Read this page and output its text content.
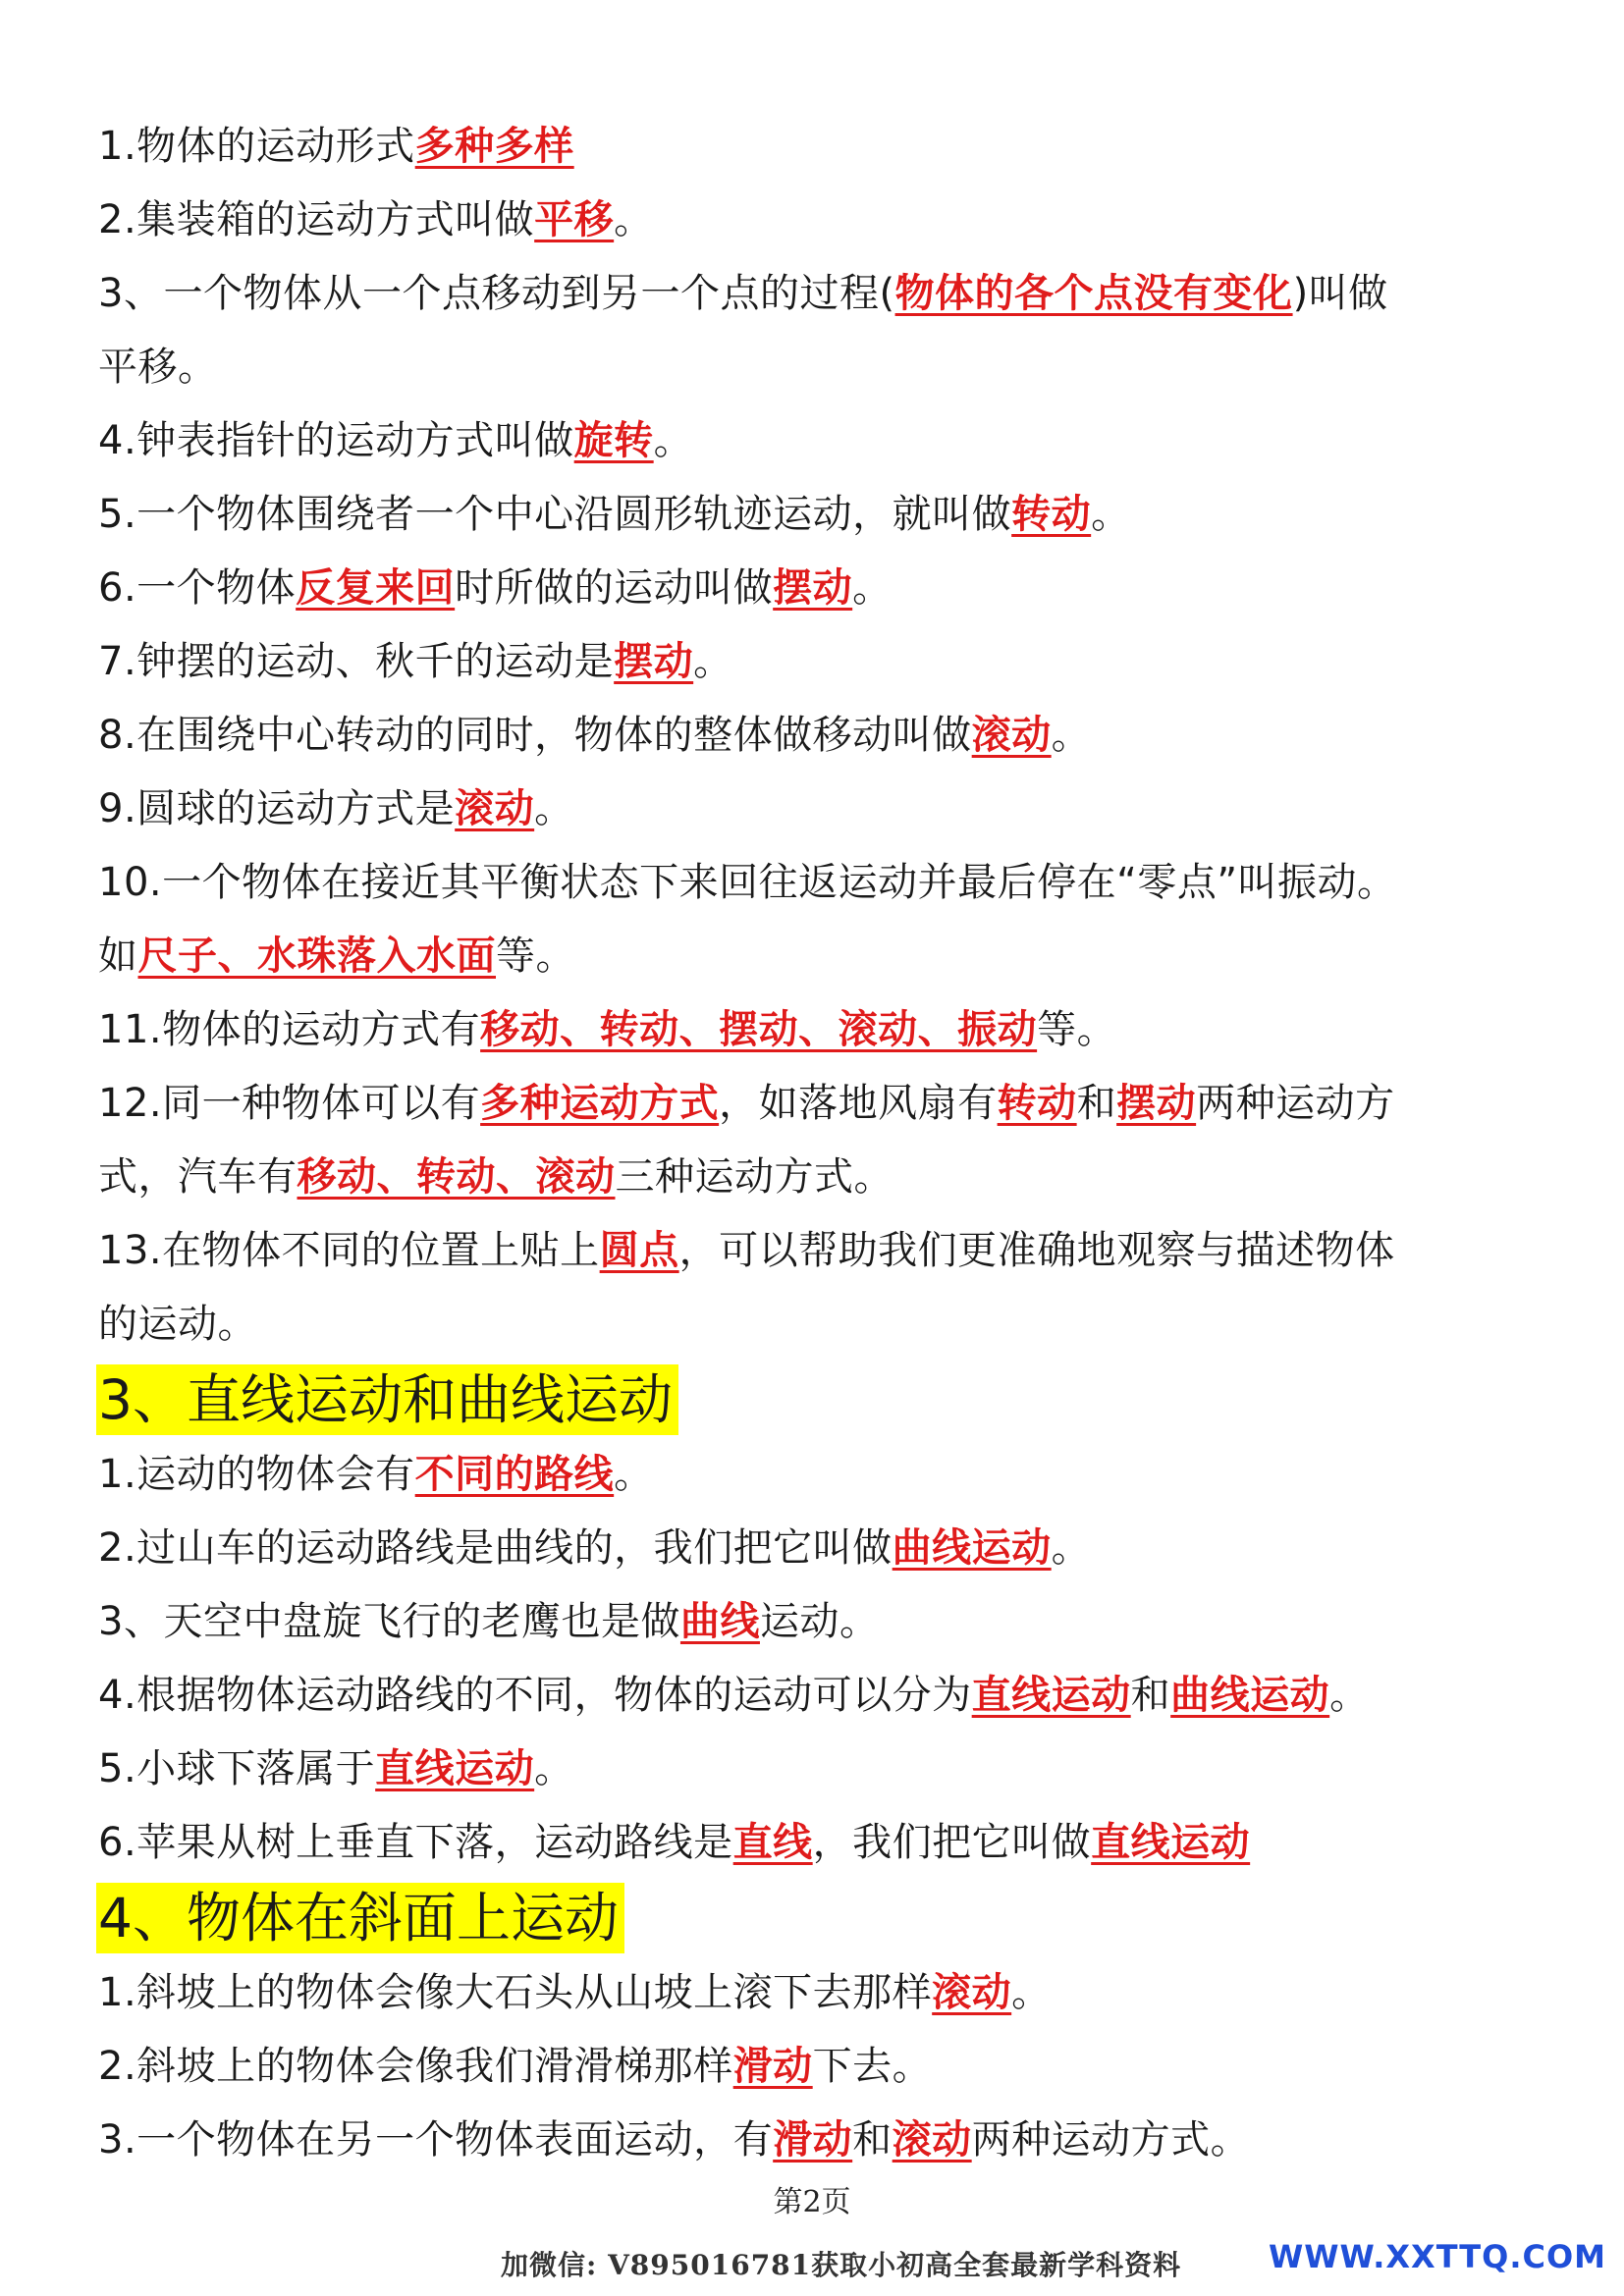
1.物体的运动形式多种多样
2.集装箱的运动方式叫做平移。
3、一个物体从一个点移动到另一个点的过程(物体的各个点没有变化)叫做
平移。
4.钟表指针的运动方式叫做旋转。
5.一个物体围绕者一个中心沿圆形轨迹运动，就叫做转动。
6.一个物体反复来回时所做的运动叫做摆动。
7.钟摆的运动、秋千的运动是摆动。
8.在围绕中心转动的同时，物体的整体做移动叫做滚动。
9.圆球的运动方式是滚动。
10.一个物体在接近其平衡状态下来回往返运动并最后停在“零点”叫振动。
如尺子、水珠落入水面等。
11.物体的运动方式有移动、转动、摆动、滚动、振动等。
12.同一种物体可以有多种运动方式，如落地风扇有转动和摆动两种运动方
式，汽车有移动、转动、滚动三种运动方式。
13.在物体不同的位置上贴上圆点，可以帮助我们更准确地观察与描述物体
的运动。
3、直线运动和曲线运动
1.运动的物体会有不同的路线。
2.过山车的运动路线是曲线的，我们把它叫做曲线运动。
3、天空中盘旋飞行的老鹰也是做曲线运动。
4.根据物体运动路线的不同，物体的运动可以分为直线运动和曲线运动。
5.小球下落属于直线运动。
6.苹果从树上垂直下落，运动路线是直线，我们把它叫做直线运动
4、物体在斜面上运动
1.斜坡上的物体会像大石头从山坡上滚下去那样滚动。
2.斜坡上的物体会像我们滑滑梯那样滑动下去。
3.一个物体在另一个物体表面运动，有滑动和滚动两种运动方式。
第2页
加微信: V895016781获取小初高全套最新学科资料	WWW.XXTTQ.COM
